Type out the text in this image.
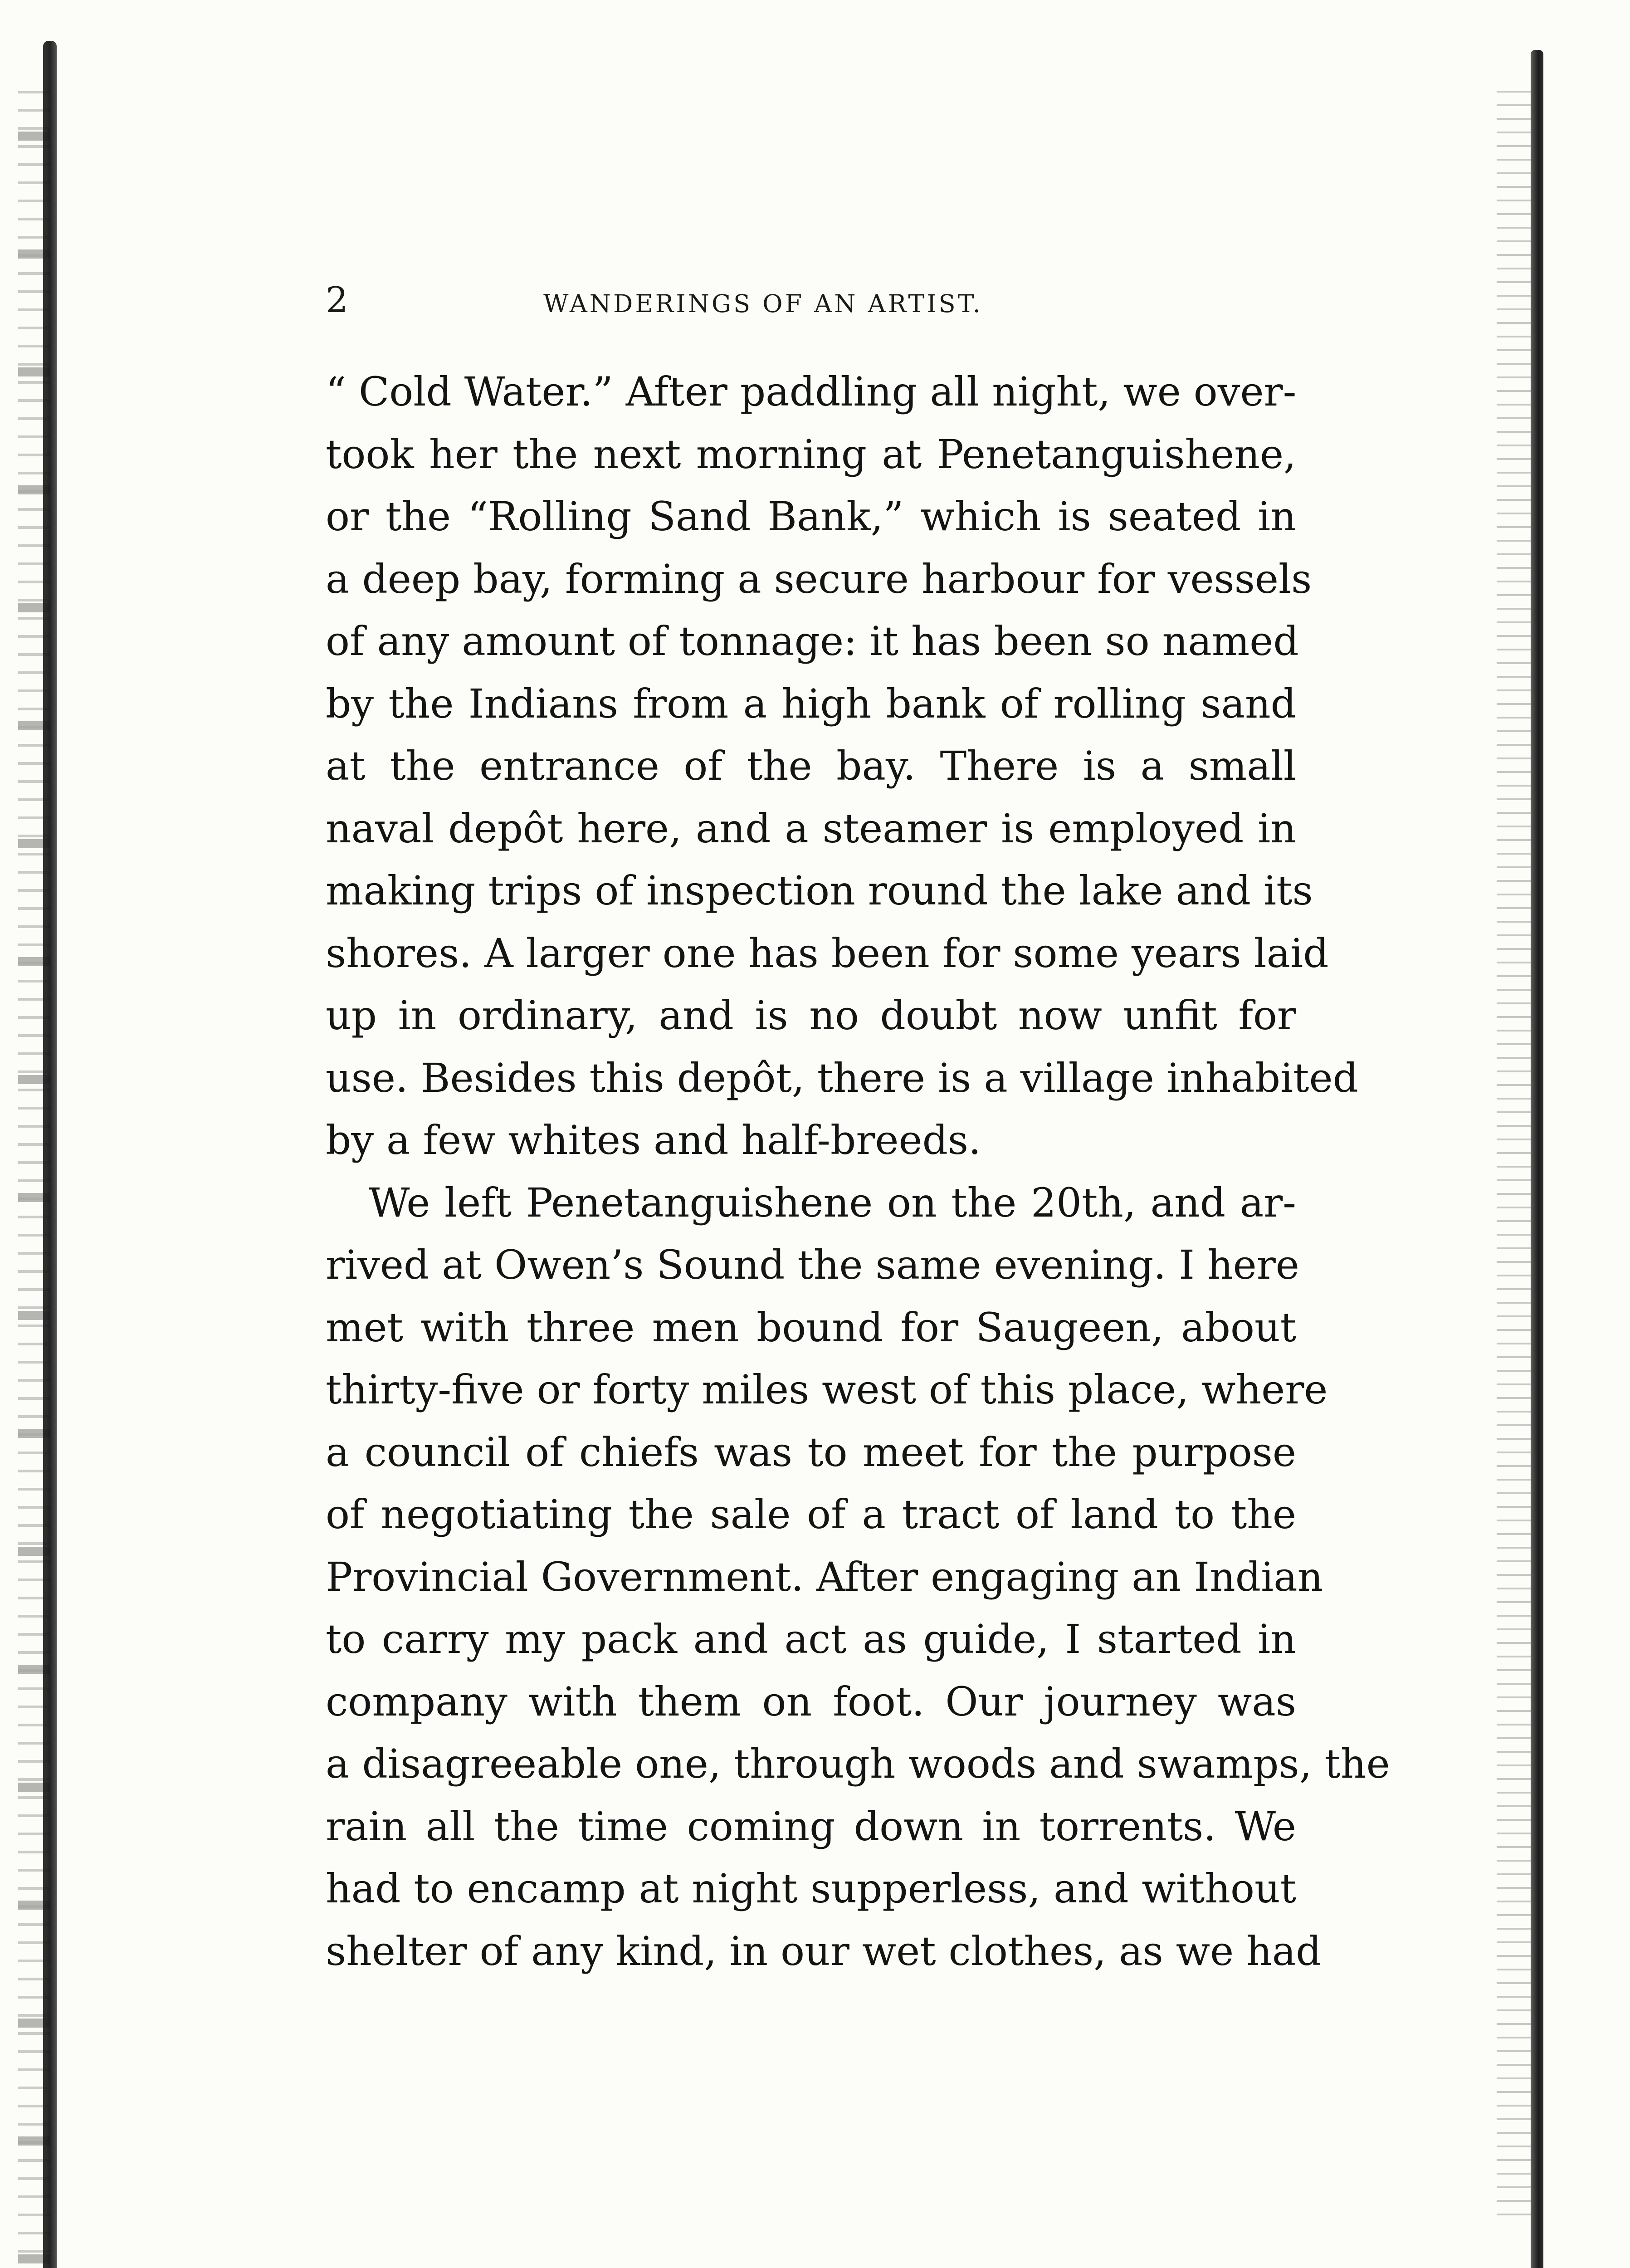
2	WANDERINGS OF AN ARTIST.
“ Cold Water.” After paddling all night, we over-
took her the next morning at Penetanguishene,
or the “Rolling Sand Bank,” which is seated in
a deep bay, forming a secure harbour for vessels
of any amount of tonnage: it has been so named
by the Indians from a high bank of rolling sand
at the entrance of the bay. There is a small
naval depôt here, and a steamer is employed in
making trips of inspection round the lake and its
shores. A larger one has been for some years laid
up in ordinary, and is no doubt now unfit for
use. Besides this depôt, there is a village inhabited
by a few whites and half-breeds.
We left Penetanguishene on the 20th, and ar-
rived at Owen’s Sound the same evening. I here
met with three men bound for Saugeen, about
thirty-five or forty miles west of this place, where
a council of chiefs was to meet for the purpose
of negotiating the sale of a tract of land to the
Provincial Government. After engaging an Indian
to carry my pack and act as guide, I started in
company with them on foot. Our journey was
a disagreeable one, through woods and swamps, the
rain all the time coming down in torrents. We
had to encamp at night supperless, and without
shelter of any kind, in our wet clothes, as we had
